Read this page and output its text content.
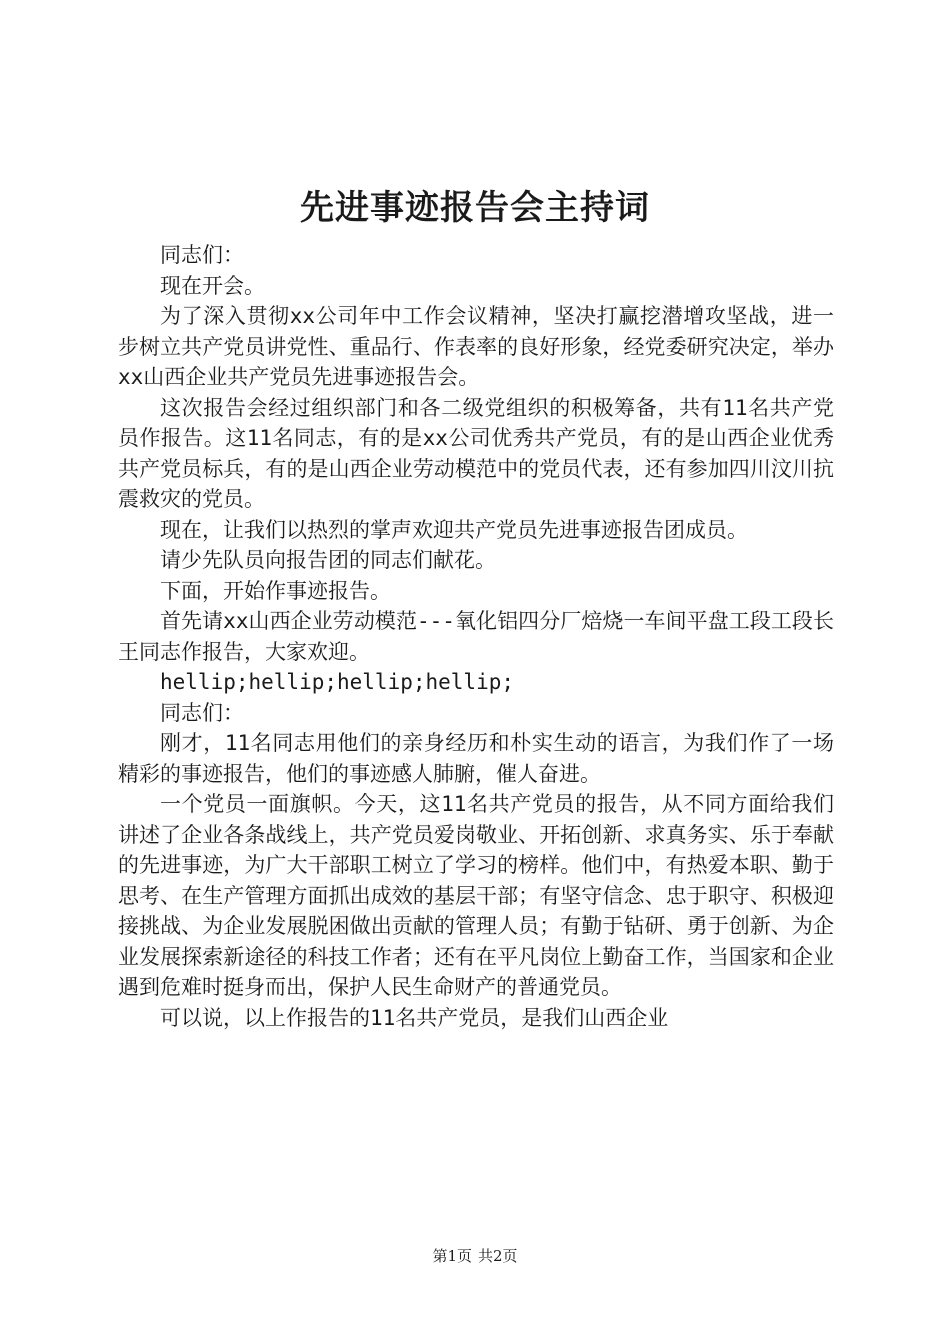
先进事迹报告会主持词

同志们：

现在开会。

为了深入贯彻xx公司年中工作会议精神，坚决打赢挖潜增攻坚战，进一步树立共产党员讲党性、重品行、作表率的良好形象，经党委研究决定，举办xx山西企业共产党员先进事迹报告会。

这次报告会经过组织部门和各二级党组织的积极筹备，共有11名共产党员作报告。这11名同志，有的是xx公司优秀共产党员，有的是山西企业优秀共产党员标兵，有的是山西企业劳动模范中的党员代表，还有参加四川汶川抗震救灾的党员。

现在，让我们以热烈的掌声欢迎共产党员先进事迹报告团成员。

请少先队员向报告团的同志们献花。

下面，开始作事迹报告。

首先请xx山西企业劳动模范---氧化铝四分厂焙烧一车间平盘工段工段长王同志作报告，大家欢迎。

hellip;hellip;hellip;hellip;

同志们：

刚才，11名同志用他们的亲身经历和朴实生动的语言，为我们作了一场精彩的事迹报告，他们的事迹感人肺腑，催人奋进。

一个党员一面旗帜。今天，这11名共产党员的报告，从不同方面给我们讲述了企业各条战线上，共产党员爱岗敬业、开拓创新、求真务实、乐于奉献的先进事迹，为广大干部职工树立了学习的榜样。他们中，有热爱本职、勤于思考、在生产管理方面抓出成效的基层干部；有坚守信念、忠于职守、积极迎接挑战、为企业发展脱困做出贡献的管理人员；有勤于钻研、勇于创新、为企业发展探索新途径的科技工作者；还有在平凡岗位上勤奋工作，当国家和企业遇到危难时挺身而出，保护人民生命财产的普通党员。

可以说，以上作报告的11名共产党员，是我们山西企业

第1页 共2页
